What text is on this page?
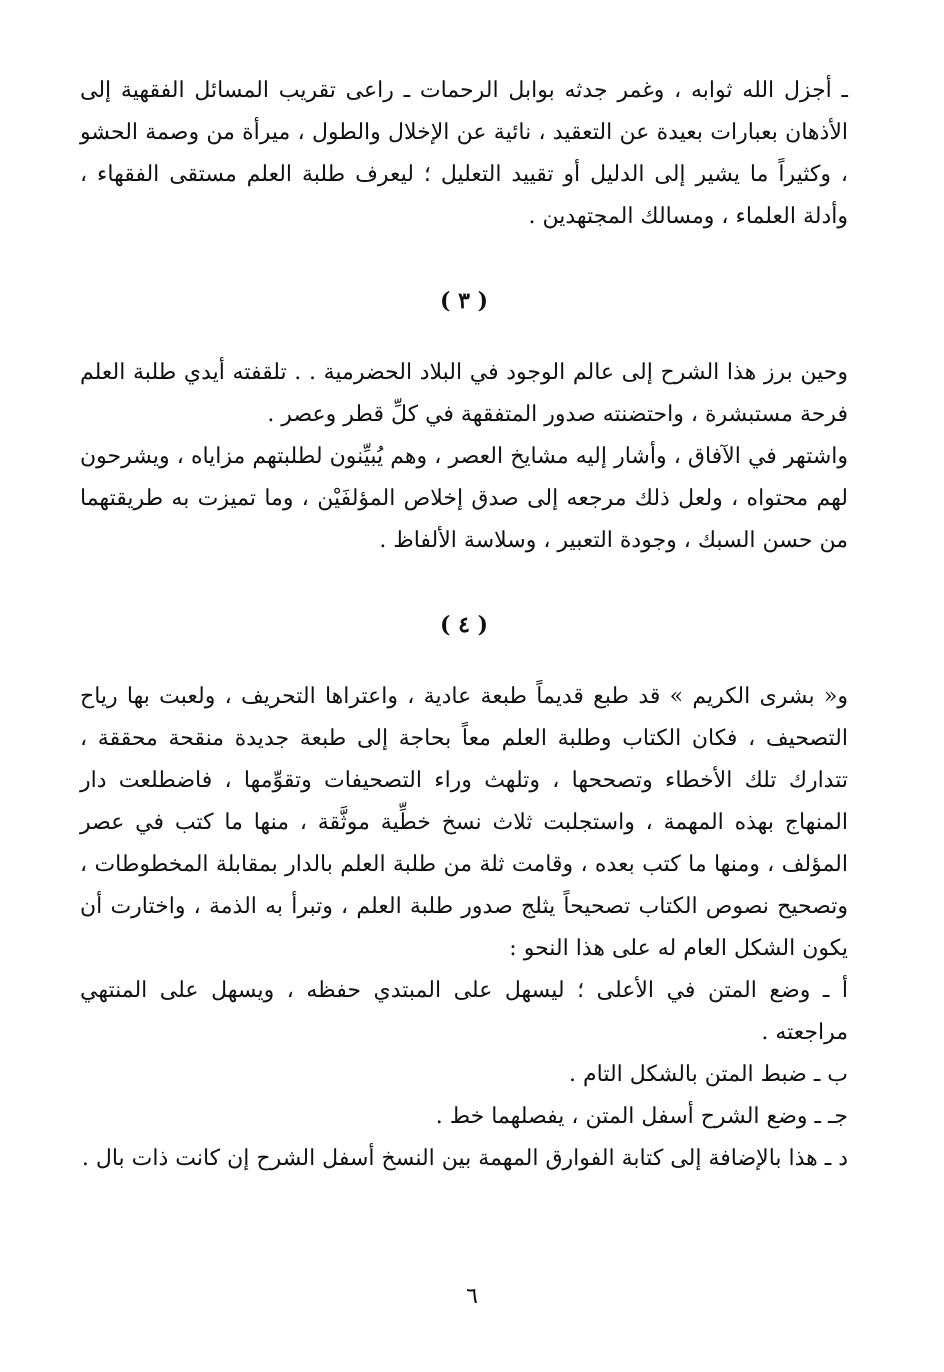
ـ أجزل الله ثوابه ، وغمر جدثه بوابل الرحمات ـ راعى تقريب المسائل الفقهية إلى الأذهان بعبارات بعيدة عن التعقيد ، نائية عن الإخلال والطول ، ميرأة من وصمة الحشو ، وكثيراً ما يشير إلى الدليل أو تقييد التعليل ؛ ليعرف طلبة العلم مستقى الفقهاء ، وأدلة العلماء ، ومسالك المجتهدين .

( ٣ )

وحين برز هذا الشرح إلى عالم الوجود في البلاد الحضرمية . . تلقفته أيدي طلبة العلم فرحة مستبشرة ، واحتضنته صدور المتفقهة في كلِّ قطر وعصر .

واشتهر في الآفاق ، وأشار إليه مشايخ العصر ، وهم يُبيِّنون لطلبتهم مزاياه ، ويشرحون لهم محتواه ، ولعل ذلك مرجعه إلى صدق إخلاص المؤلفَيْن ، وما تميزت به طريقتهما من حسن السبك ، وجودة التعبير ، وسلاسة الألفاظ .

( ٤ )

و« بشرى الكريم » قد طبع قديماً طبعة عادية ، واعتراها التحريف ، ولعبت بها رياح التصحيف ، فكان الكتاب وطلبة العلم معاً بحاجة إلى طبعة جديدة منقحة محققة ، تتدارك تلك الأخطاء وتصححها ، وتلهث وراء التصحيفات وتقوِّمها ، فاضطلعت دار المنهاج بهذه المهمة ، واستجلبت ثلاث نسخ خطِّية موثَّقة ، منها ما كتب في عصر المؤلف ، ومنها ما كتب بعده ، وقامت ثلة من طلبة العلم بالدار بمقابلة المخطوطات ، وتصحيح نصوص الكتاب تصحيحاً يثلج صدور طلبة العلم ، وتبرأ به الذمة ، واختارت أن يكون الشكل العام له على هذا النحو :

أ ـ وضع المتن في الأعلى ؛ ليسهل على المبتدي حفظه ، ويسهل على المنتهي مراجعته .

ب ـ ضبط المتن بالشكل التام .

جـ ـ وضع الشرح أسفل المتن ، يفصلهما خط .

د ـ هذا بالإضافة إلى كتابة الفوارق المهمة بين النسخ أسفل الشرح إن كانت ذات بال .

٦
